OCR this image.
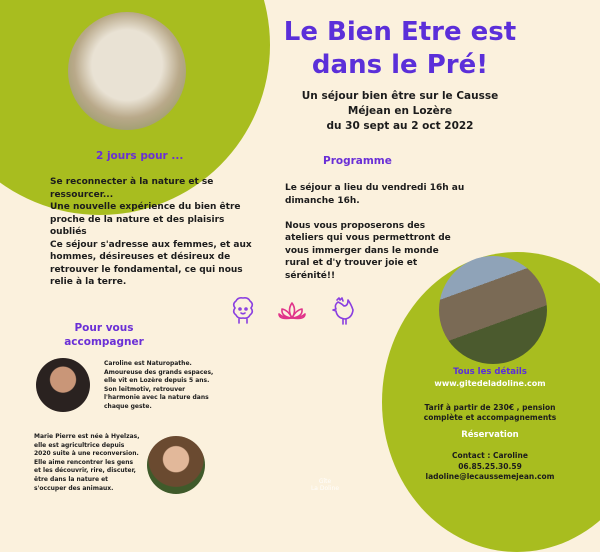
Le Bien Etre est
dans le Pré!

Un séjour bien être sur le Causse
Méjean en Lozère
du 30 sept au 2 oct 2022

2 jours pour ...
Se reconnecter à la nature et se ressourcer...
Une nouvelle expérience du bien être proche de la nature et des plaisirs oubliés
Ce séjour s'adresse aux femmes, et aux hommes, désireuses et désireux de retrouver le fondamental, ce qui nous relie à la terre.
Programme
Le séjour a lieu du vendredi 16h au dimanche 16h.

Nous vous proposerons des ateliers qui vous permettront de vous immerger dans le monde rural et d'y trouver joie et sérénité!!
Pour vous
accompagner
Caroline est Naturopathe. Amoureuse des grands espaces, elle vit en Lozère depuis 5 ans. Son leitmotiv, retrouver l'harmonie avec la nature dans chaque geste.
Marie Pierre est née à Hyelzas, elle est agricultrice depuis 2020 suite à une reconversion. Elle aime rencontrer les gens et les découvrir, rire, discuter, être dans la nature et s'occuper des animaux.
Tous les détails
www.gitedeladoline.com
Tarif à partir de 230€ , pension
complète et accompagnements
Réservation
Contact : Caroline
06.85.25.30.59
ladoline@lecaussemejean.com
Gîte
La Doline
